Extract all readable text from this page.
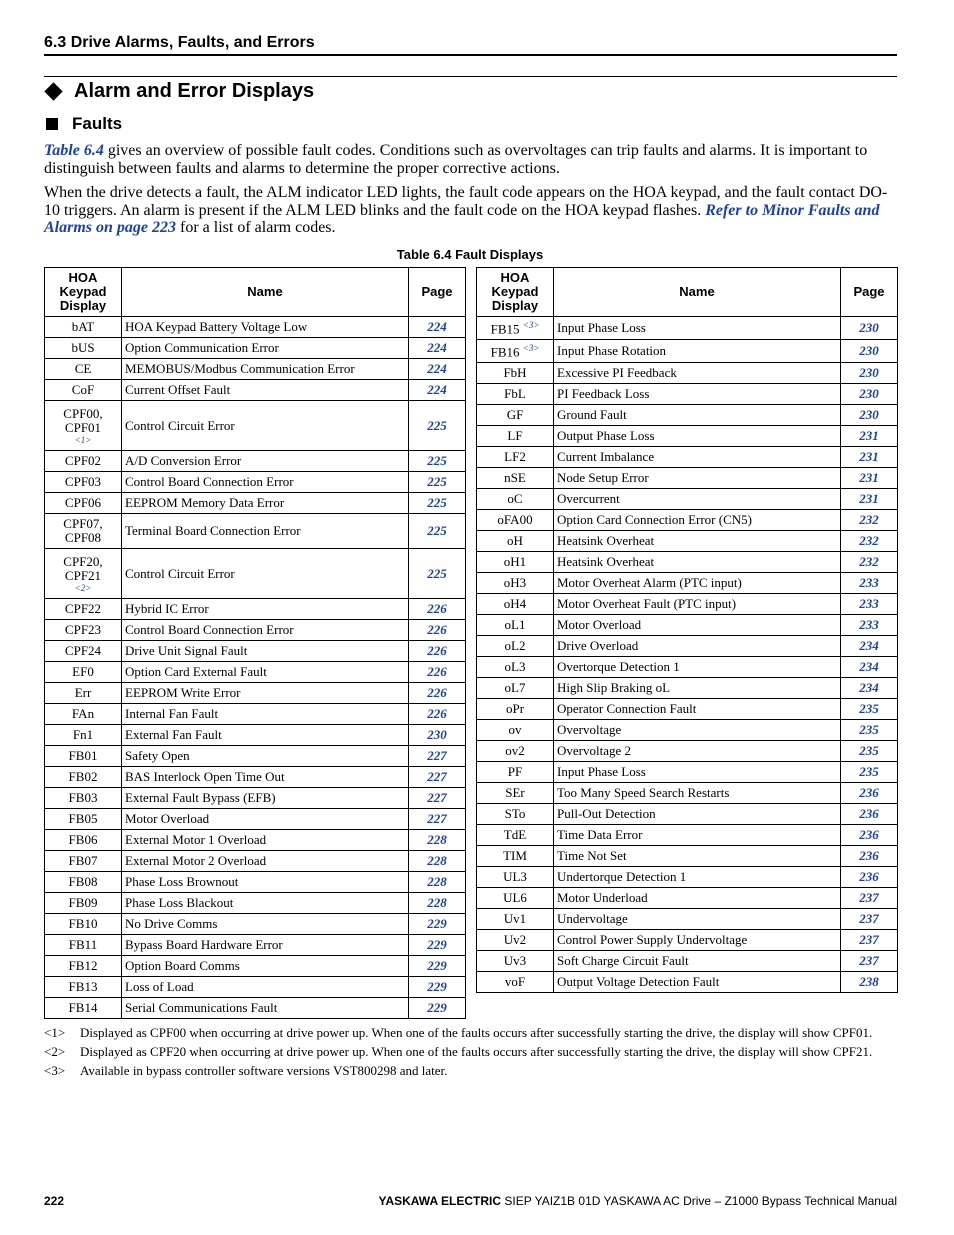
6.3 Drive Alarms, Faults, and Errors
Alarm and Error Displays
Faults
Table 6.4 gives an overview of possible fault codes. Conditions such as overvoltages can trip faults and alarms. It is important to distinguish between faults and alarms to determine the proper corrective actions.
When the drive detects a fault, the ALM indicator LED lights, the fault code appears on the HOA keypad, and the fault contact DO-10 triggers. An alarm is present if the ALM LED blinks and the fault code on the HOA keypad flashes. Refer to Minor Faults and Alarms on page 223 for a list of alarm codes.
Table 6.4 Fault Displays
HOA Keypad Display	Name	Page
bAT	HOA Keypad Battery Voltage Low	224
bUS	Option Communication Error	224
CE	MEMOBUS/Modbus Communication Error	224
CoF	Current Offset Fault	224
CPF00,
CPF01
<1>	Control Circuit Error	225
CPF02	A/D Conversion Error	225
CPF03	Control Board Connection Error	225
CPF06	EEPROM Memory Data Error	225
CPF07,
CPF08	Terminal Board Connection Error	225
CPF20,
CPF21
<2>	Control Circuit Error	225
CPF22	Hybrid IC Error	226
CPF23	Control Board Connection Error	226
CPF24	Drive Unit Signal Fault	226
EF0	Option Card External Fault	226
Err	EEPROM Write Error	226
FAn	Internal Fan Fault	226
Fn1	External Fan Fault	230
FB01	Safety Open	227
FB02	BAS Interlock Open Time Out	227
FB03	External Fault Bypass (EFB)	227
FB05	Motor Overload	227
FB06	External Motor 1 Overload	228
FB07	External Motor 2 Overload	228
FB08	Phase Loss Brownout	228
FB09	Phase Loss Blackout	228
FB10	No Drive Comms	229
FB11	Bypass Board Hardware Error	229
FB12	Option Board Comms	229
FB13	Loss of Load	229
FB14	Serial Communications Fault	229
HOA Keypad Display	Name	Page
FB15 $^{<3>}$	Input Phase Loss	230
FB16 $^{<3>}$	Input Phase Rotation	230
FbH	Excessive PI Feedback	230
FbL	PI Feedback Loss	230
GF	Ground Fault	230
LF	Output Phase Loss	231
LF2	Current Imbalance	231
nSE	Node Setup Error	231
oC	Overcurrent	231
oFA00	Option Card Connection Error (CN5)	232
oH	Heatsink Overheat	232
oH1	Heatsink Overheat	232
oH3	Motor Overheat Alarm (PTC input)	233
oH4	Motor Overheat Fault (PTC input)	233
oL1	Motor Overload	233
oL2	Drive Overload	234
oL3	Overtorque Detection 1	234
oL7	High Slip Braking oL	234
oPr	Operator Connection Fault	235
ov	Overvoltage	235
ov2	Overvoltage 2	235
PF	Input Phase Loss	235
SEr	Too Many Speed Search Restarts	236
STo	Pull-Out Detection	236
TdE	Time Data Error	236
TIM	Time Not Set	236
UL3	Undertorque Detection 1	236
UL6	Motor Underload	237
Uv1	Undervoltage	237
Uv2	Control Power Supply Undervoltage	237
Uv3	Soft Charge Circuit Fault	237
voF	Output Voltage Detection Fault	238
<1>	Displayed as CPF00 when occurring at drive power up. When one of the faults occurs after successfully starting the drive, the display will show CPF01.
<2>	Displayed as CPF20 when occurring at drive power up. When one of the faults occurs after successfully starting the drive, the display will show CPF21.
<3>	Available in bypass controller software versions VST800298 and later.
222	YASKAWA ELECTRIC SIEP YAIZ1B 01D YASKAWA AC Drive – Z1000 Bypass Technical Manual
